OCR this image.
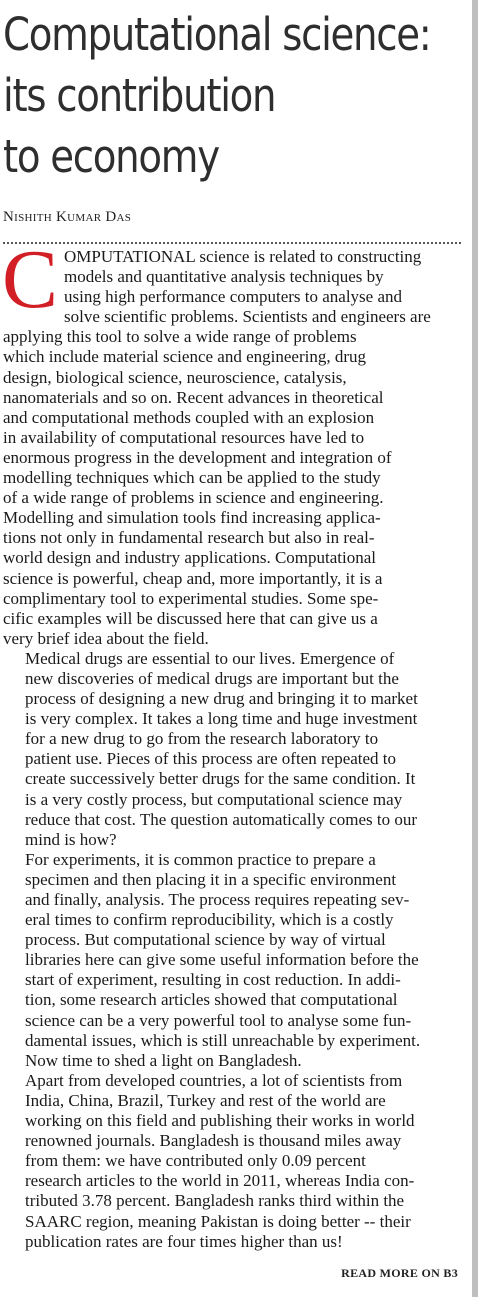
Computational science:
its contribution
to economy
Nishith Kumar Das

C OMPUTATIONAL science is related to constructing
models and quantitative analysis techniques by
using high performance computers to analyse and
solve scientific problems. Scientists and engineers are
applying this tool to solve a wide range of problems
which include material science and engineering, drug
design, biological science, neuroscience, catalysis,
nanomaterials and so on. Recent advances in theoretical
and computational methods coupled with an explosion
in availability of computational resources have led to
enormous progress in the development and integration of
modelling techniques which can be applied to the study
of a wide range of problems in science and engineering.
Modelling and simulation tools find increasing applica-
tions not only in fundamental research but also in real-
world design and industry applications. Computational
science is powerful, cheap and, more importantly, it is a
complimentary tool to experimental studies. Some spe-
cific examples will be discussed here that can give us a
very brief idea about the field.

Medical drugs are essential to our lives. Emergence of
new discoveries of medical drugs are important but the
process of designing a new drug and bringing it to market
is very complex. It takes a long time and huge investment
for a new drug to go from the research laboratory to
patient use. Pieces of this process are often repeated to
create successively better drugs for the same condition. It
is a very costly process, but computational science may
reduce that cost. The question automatically comes to our
mind is how?

For experiments, it is common practice to prepare a
specimen and then placing it in a specific environment
and finally, analysis. The process requires repeating sev-
eral times to confirm reproducibility, which is a costly
process. But computational science by way of virtual
libraries here can give some useful information before the
start of experiment, resulting in cost reduction. In addi-
tion, some research articles showed that computational
science can be a very powerful tool to analyse some fun-
damental issues, which is still unreachable by experiment.
Now time to shed a light on Bangladesh.

Apart from developed countries, a lot of scientists from
India, China, Brazil, Turkey and rest of the world are
working on this field and publishing their works in world
renowned journals. Bangladesh is thousand miles away
from them: we have contributed only 0.09 percent
research articles to the world in 2011, whereas India con-
tributed 3.78 percent. Bangladesh ranks third within the
SAARC region, meaning Pakistan is doing better -- their
publication rates are four times higher than us!

READ MORE ON B3
